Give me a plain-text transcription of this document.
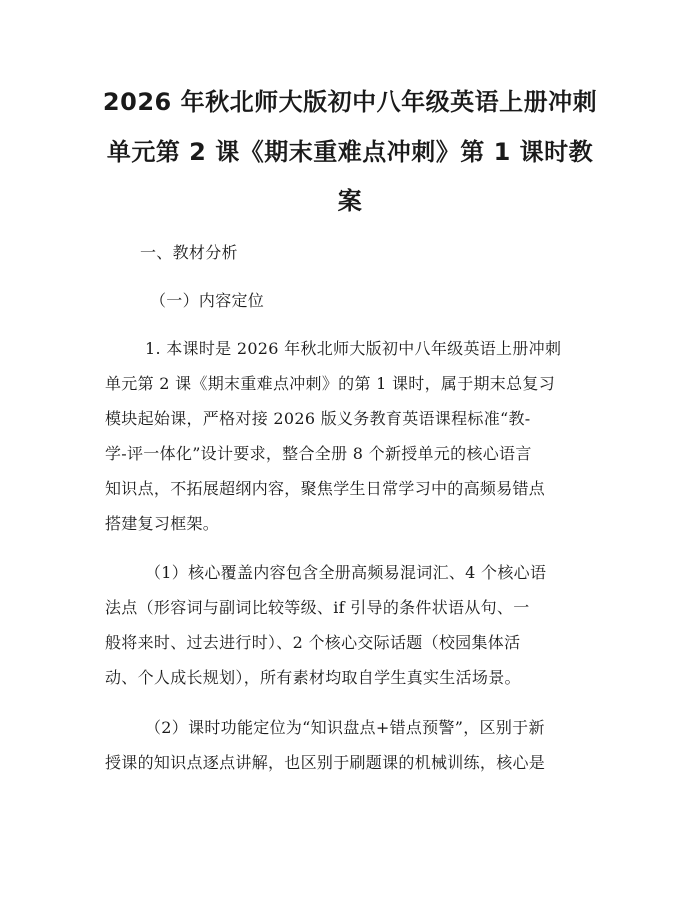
2026 年秋北师大版初中八年级英语上册冲刺
单元第 2 课《期末重难点冲刺》第 1 课时教
案

一、教材分析

（一）内容定位

1. 本课时是 2026 年秋北师大版初中八年级英语上册冲刺

单元第 2 课《期末重难点冲刺》的第 1 课时，属于期末总复习

模块起始课，严格对接 2026 版义务教育英语课程标准“教-

学-评一体化”设计要求，整合全册 8 个新授单元的核心语言

知识点，不拓展超纲内容，聚焦学生日常学习中的高频易错点

搭建复习框架。

（1）核心覆盖内容包含全册高频易混词汇、4 个核心语

法点（形容词与副词比较等级、if 引导的条件状语从句、一

般将来时、过去进行时）、2 个核心交际话题（校园集体活

动、个人成长规划），所有素材均取自学生真实生活场景。

（2）课时功能定位为“知识盘点+错点预警”，区别于新

授课的知识点逐点讲解，也区别于刷题课的机械训练，核心是
